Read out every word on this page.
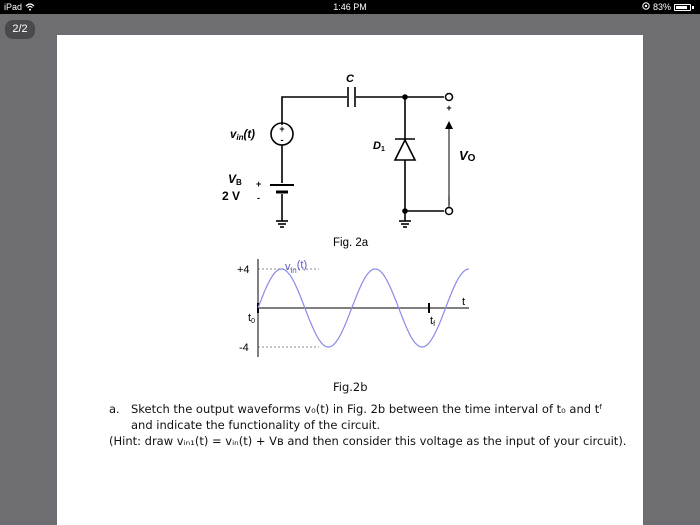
iPad	1:46 PM	83%
2/2
C
+
-
vin(t)
VB
2 V
+
-
D1	VO
+
|
Fig. 2a
+4
-4
t0	tf
t
$v_{in}(t)$
Fig.2b
a. Sketch the output waveforms v₀(t) in Fig. 2b between the time interval of t₀ and tᶠ
and indicate the functionality of the circuit.
(Hint: draw vᵢₙ₁(t) = vᵢₙ(t) + Vʙ and then consider this voltage as the input of your circuit).
